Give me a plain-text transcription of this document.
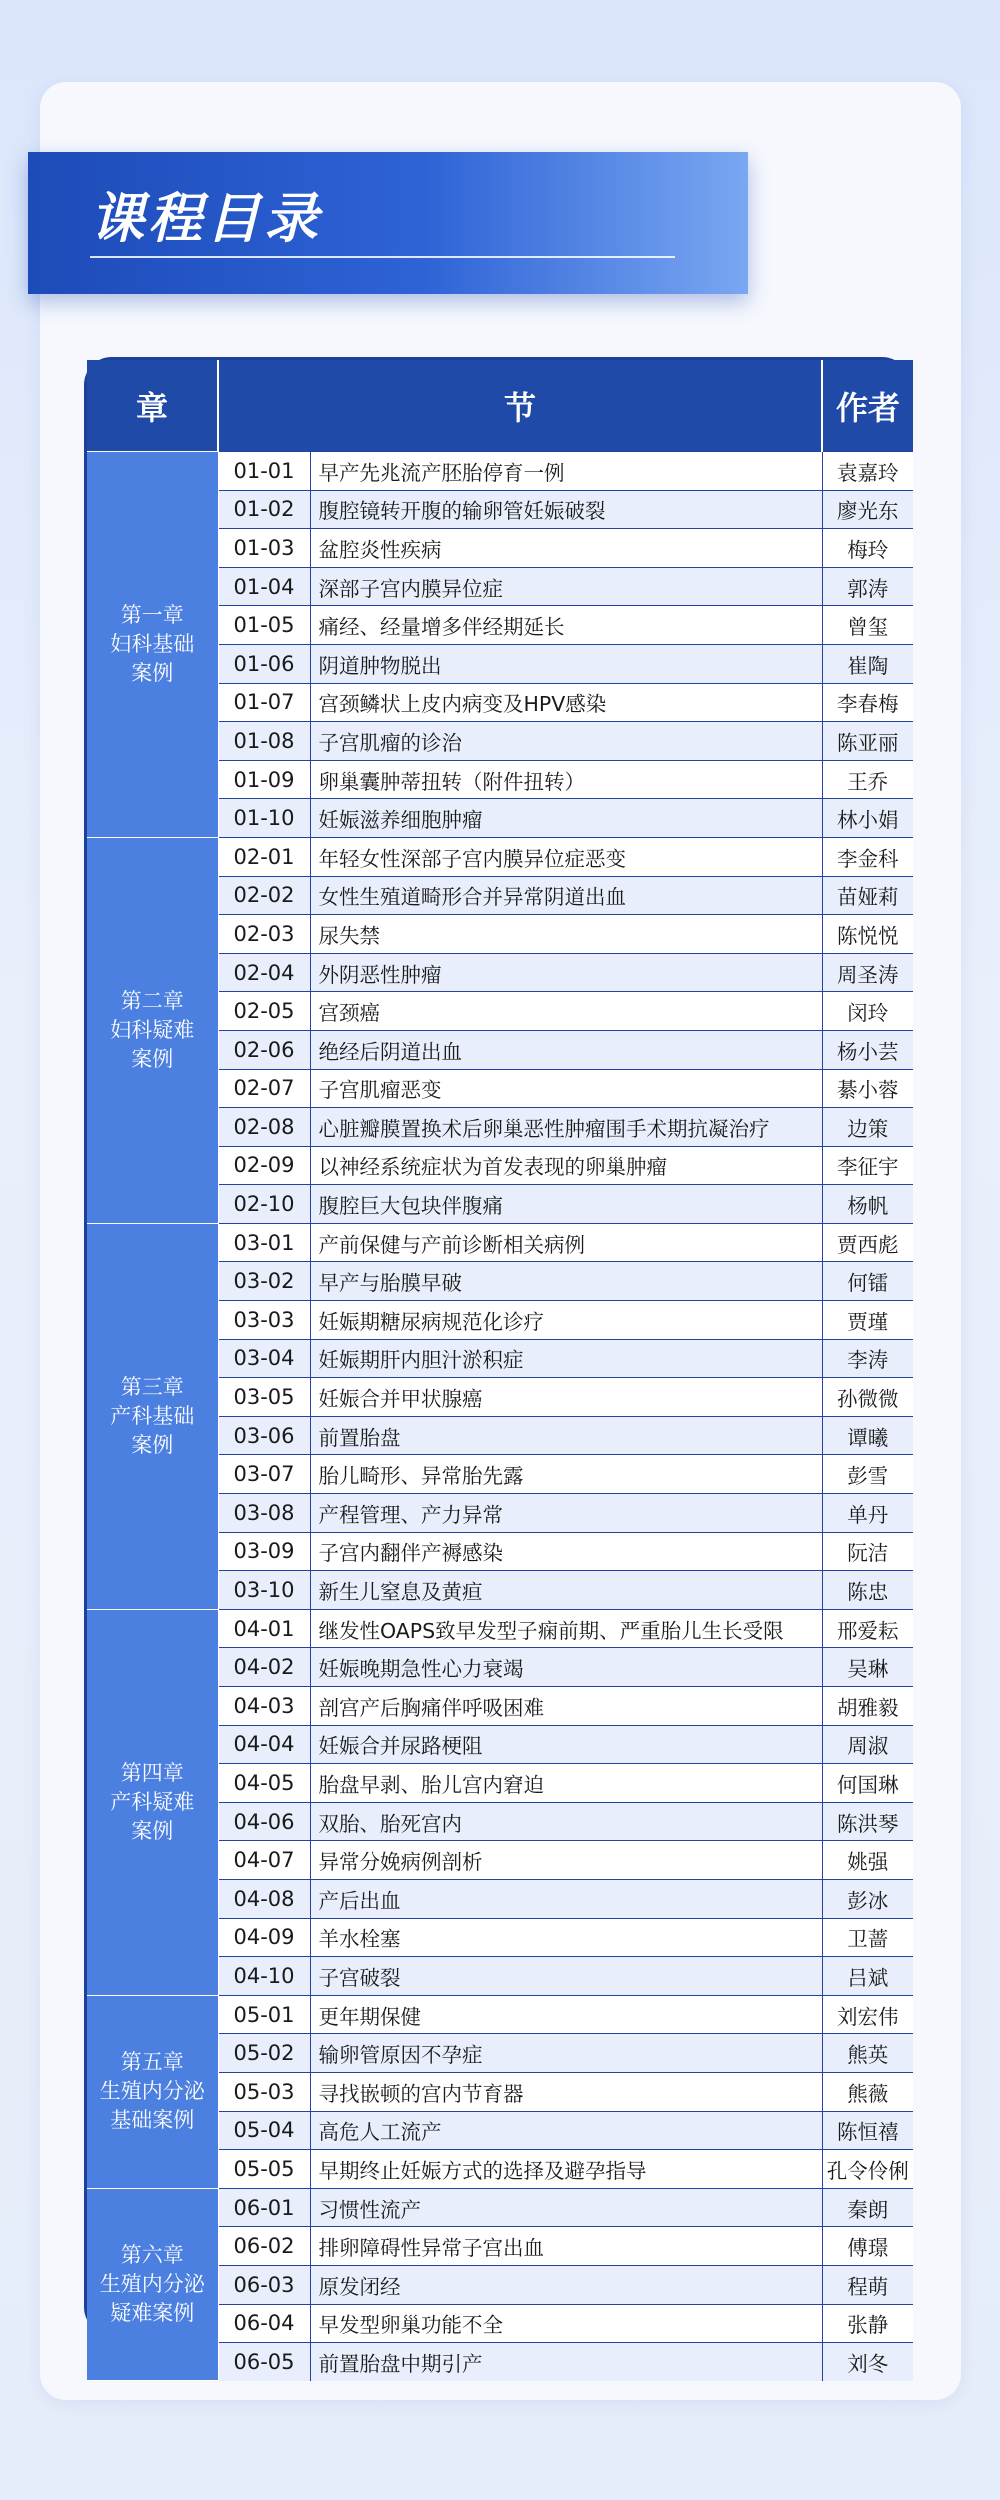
课程目录
章	节		作者

第一章
妇科基础
案例	01-01	早产先兆流产胚胎停育一例	袁嘉玲
	01-02	腹腔镜转开腹的输卵管妊娠破裂	廖光东
	01-03	盆腔炎性疾病	梅玲
	01-04	深部子宫内膜异位症	郭涛
	01-05	痛经、经量增多伴经期延长	曾玺
	01-06	阴道肿物脱出	崔陶
	01-07	宫颈鳞状上皮内病变及HPV感染	李春梅
	01-08	子宫肌瘤的诊治	陈亚丽
	01-09	卵巢囊肿蒂扭转（附件扭转）	王乔
	01-10	妊娠滋养细胞肿瘤	林小娟

第二章
妇科疑难
案例	02-01	年轻女性深部子宫内膜异位症恶变	李金科
	02-02	女性生殖道畸形合并异常阴道出血	苗娅莉
	02-03	尿失禁	陈悦悦
	02-04	外阴恶性肿瘤	周圣涛
	02-05	宫颈癌	闵玲
	02-06	绝经后阴道出血	杨小芸
	02-07	子宫肌瘤恶变	綦小蓉
	02-08	心脏瓣膜置换术后卵巢恶性肿瘤围手术期抗凝治疗	边策
	02-09	以神经系统症状为首发表现的卵巢肿瘤	李征宇
	02-10	腹腔巨大包块伴腹痛	杨帆

第三章
产科基础
案例	03-01	产前保健与产前诊断相关病例	贾西彪
	03-02	早产与胎膜早破	何镭
	03-03	妊娠期糖尿病规范化诊疗	贾瑾
	03-04	妊娠期肝内胆汁淤积症	李涛
	03-05	妊娠合并甲状腺癌	孙微微
	03-06	前置胎盘	谭曦
	03-07	胎儿畸形、异常胎先露	彭雪
	03-08	产程管理、产力异常	单丹
	03-09	子宫内翻伴产褥感染	阮洁
	03-10	新生儿窒息及黄疸	陈忠

第四章
产科疑难
案例	04-01	继发性OAPS致早发型子痫前期、严重胎儿生长受限	邢爱耘
	04-02	妊娠晚期急性心力衰竭	吴琳
	04-03	剖宫产后胸痛伴呼吸困难	胡雅毅
	04-04	妊娠合并尿路梗阻	周淑
	04-05	胎盘早剥、胎儿宫内窘迫	何国琳
	04-06	双胎、胎死宫内	陈洪琴
	04-07	异常分娩病例剖析	姚强
	04-08	产后出血	彭冰
	04-09	羊水栓塞	卫蔷
	04-10	子宫破裂	吕斌

第五章
生殖内分泌
基础案例	05-01	更年期保健	刘宏伟
	05-02	输卵管原因不孕症	熊英
	05-03	寻找嵌顿的宫内节育器	熊薇
	05-04	高危人工流产	陈恒禧
	05-05	早期终止妊娠方式的选择及避孕指导	孔令伶俐

第六章
生殖内分泌
疑难案例	06-01	习惯性流产	秦朗
	06-02	排卵障碍性异常子宫出血	傅璟
	06-03	原发闭经	程萌
	06-04	早发型卵巢功能不全	张静
	06-05	前置胎盘中期引产	刘冬
